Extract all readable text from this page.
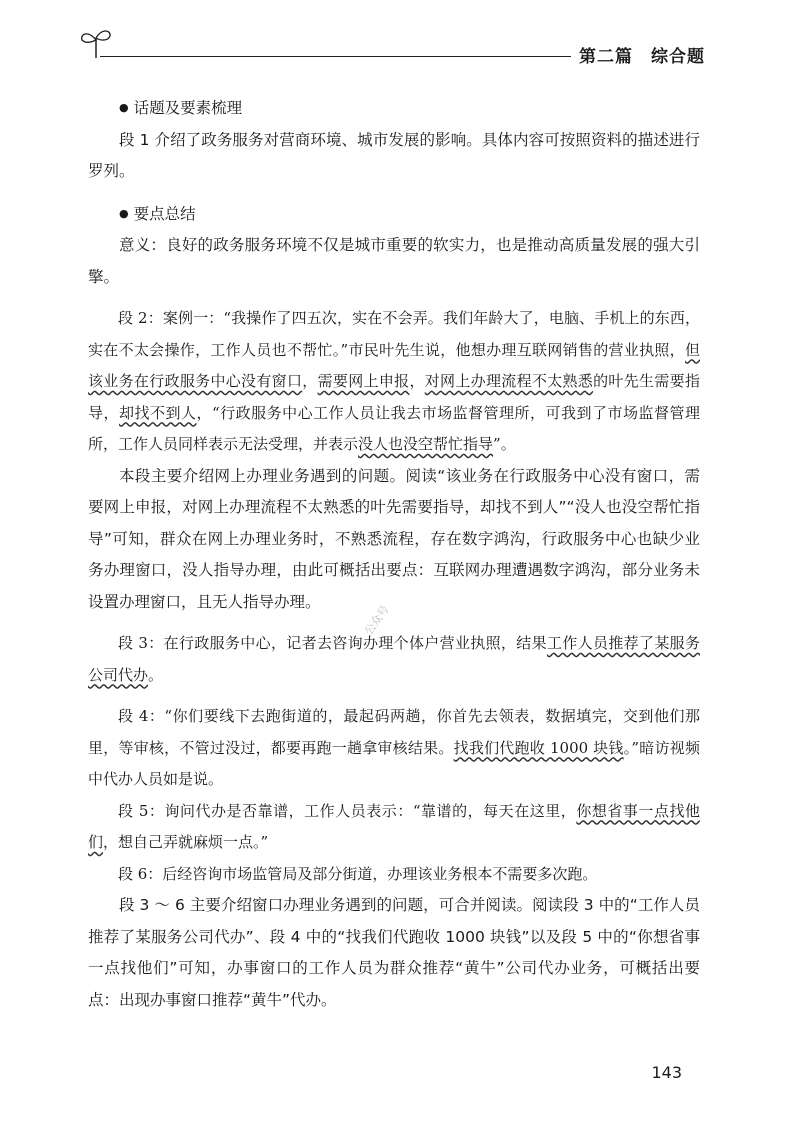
第二篇 综合题

● 话题及要素梳理

段 1 介绍了政务服务对营商环境、城市发展的影响。具体内容可按照资料的描述进行罗列。

● 要点总结

意义：良好的政务服务环境不仅是城市重要的软实力，也是推动高质量发展的强大引擎。

段 2：案例一：“我操作了四五次，实在不会弄。我们年龄大了，电脑、手机上的东西，实在不太会操作，工作人员也不帮忙。”市民叶先生说，他想办理互联网销售的营业执照，但该业务在行政服务中心没有窗口，需要网上申报，对网上办理流程不太熟悉的叶先生需要指导，却找不到人，“行政服务中心工作人员让我去市场监督管理所，可我到了市场监督管理所，工作人员同样表示无法受理，并表示没人也没空帮忙指导”。

本段主要介绍网上办理业务遇到的问题。阅读“该业务在行政服务中心没有窗口，需要网上申报，对网上办理流程不太熟悉的叶先需要指导，却找不到人”“没人也没空帮忙指导”可知，群众在网上办理业务时，不熟悉流程，存在数字鸿沟，行政服务中心也缺少业务办理窗口，没人指导办理，由此可概括出要点：互联网办理遭遇数字鸿沟，部分业务未设置办理窗口，且无人指导办理。

段 3：在行政服务中心，记者去咨询办理个体户营业执照，结果工作人员推荐了某服务公司代办。

段 4：“你们要线下去跑街道的，最起码两趟，你首先去领表，数据填完，交到他们那里，等审核，不管过没过，都要再跑一趟拿审核结果。找我们代跑收 1000 块钱。”暗访视频中代办人员如是说。

段 5：询问代办是否靠谱，工作人员表示：“靠谱的，每天在这里，你想省事一点找他们，想自己弄就麻烦一点。”

段 6：后经咨询市场监管局及部分街道，办理该业务根本不需要多次跑。

段 3 ～ 6 主要介绍窗口办理业务遇到的问题，可合并阅读。阅读段 3 中的“工作人员推荐了某服务公司代办”、段 4 中的“找我们代跑收 1000 块钱”以及段 5 中的“你想省事一点找他们”可知，办事窗口的工作人员为群众推荐“黄牛”公司代办业务，可概括出要点：出现办事窗口推荐“黄牛”代办。

公众号
143
